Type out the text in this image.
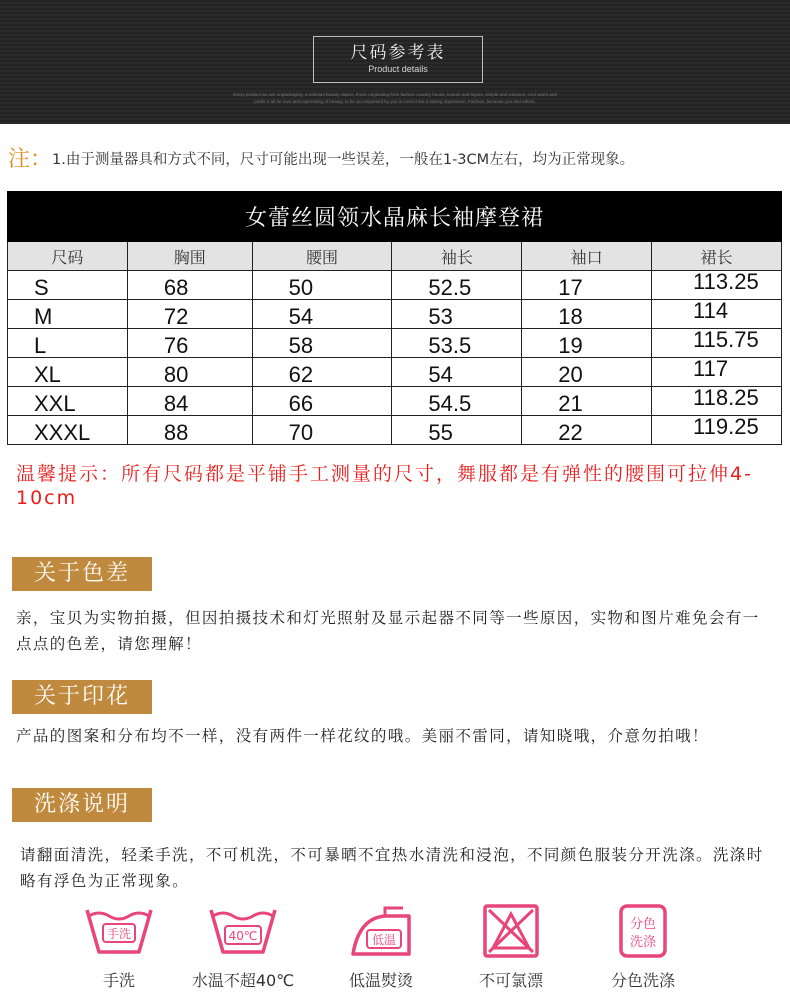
尺码参考表
Product details
Every product we are unpackaging, a relevant beauty claims, those originating from fashion country house, texture and layers, simple and volumes, cool warm and
prefer it all for love and expressing of beauty, to be accompanied by you is correct the a lasting impression, Fashion, because you and others.
注：1.由于测量器具和方式不同，尺寸可能出现一些误差，一般在1-3CM左右，均为正常现象。
女蕾丝圆领水晶麻长袖摩登裙					
尺码	胸围	腰围	袖长	袖口	裙长
S	68	50	52.5	17	113.25
M	72	54	53	18	114
L	76	58	53.5	19	115.75
XL	80	62	54	20	117
XXL	84	66	54.5	21	118.25
XXXL	88	70	55	22	119.25
温馨提示：所有尺码都是平铺手工测量的尺寸，舞服都是有弹性的腰围可拉伸4-10cm
关于色差
亲，宝贝为实物拍摄，但因拍摄技术和灯光照射及显示起器不同等一些原因，实物和图片难免会有一点点的色差，请您理解！
关于印花
产品的图案和分布均不一样，没有两件一样花纹的哦。美丽不雷同，请知晓哦，介意勿拍哦！
洗涤说明
请翻面清洗，轻柔手洗，不可机洗，不可暴晒不宜热水清洗和浸泡，不同颜色服装分开洗涤。洗涤时略有浮色为正常现象。
手洗
手洗
40℃
水温不超40℃
低温
低温熨烫	不可氯漂
分色
洗涤
分色洗涤
